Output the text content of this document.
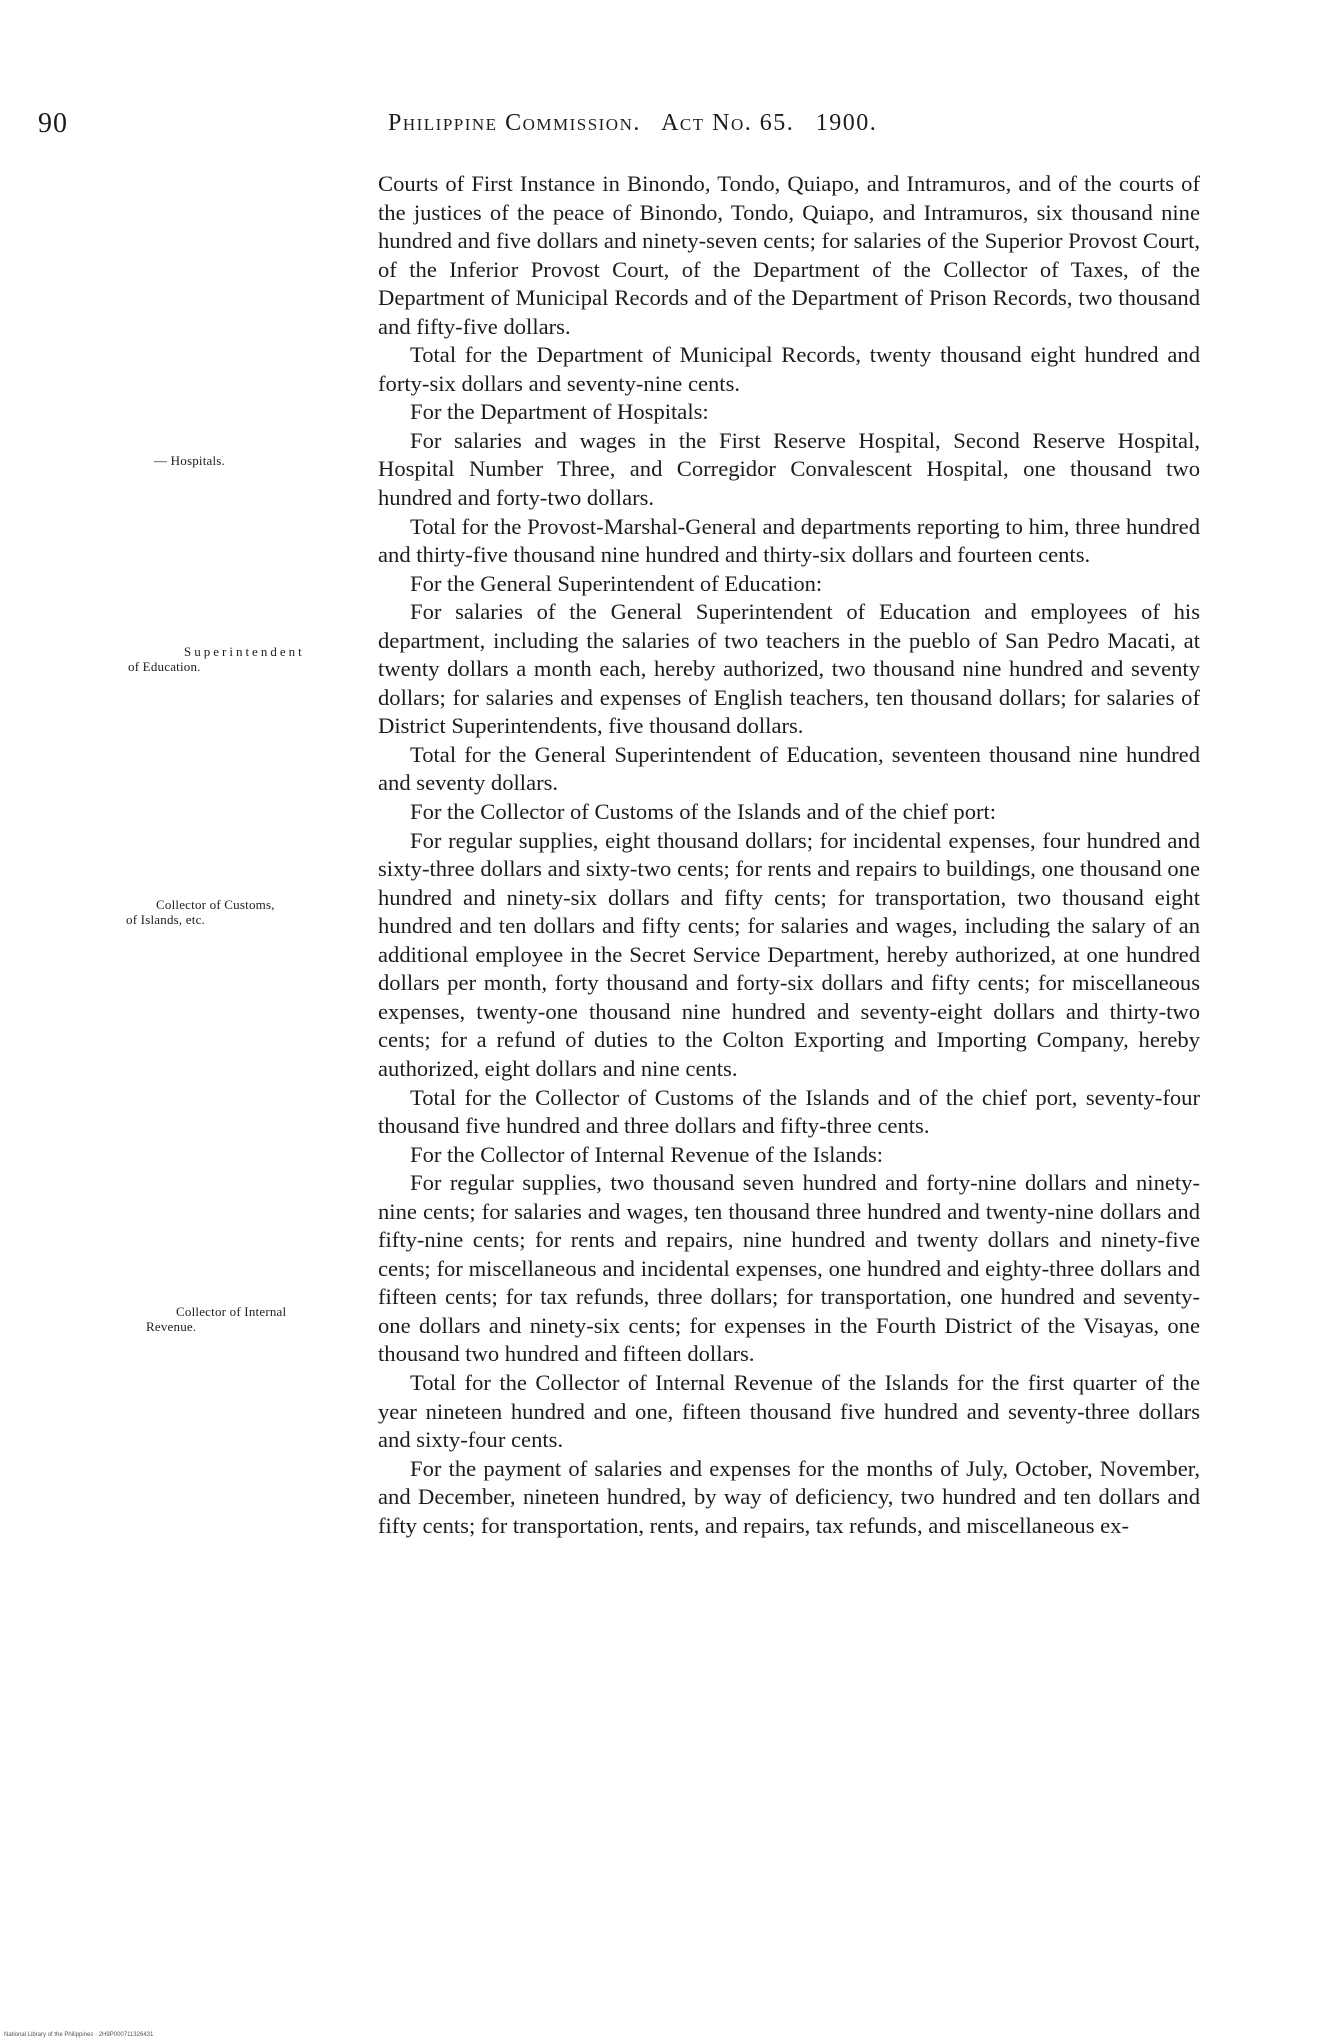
90	Philippine Commission. Act No. 65. 1900.
— Hospitals.
Superintendent
of Education.
Collector of Customs,
of Islands, etc.
Collector of Internal
Revenue.

Courts of First Instance in Binondo, Tondo, Quiapo, and Intramuros, and of the courts of the justices of the peace of Binondo, Tondo, Quiapo, and Intramuros, six thousand nine hundred and five dollars and ninety-seven cents; for salaries of the Superior Provost Court, of the Inferior Provost Court, of the Department of the Collector of Taxes, of the Department of Municipal Records and of the Department of Prison Records, two thousand and fifty-five dollars.

Total for the Department of Municipal Records, twenty thousand eight hundred and forty-six dollars and seventy-nine cents.

For the Department of Hospitals:

For salaries and wages in the First Reserve Hospital, Second Reserve Hospital, Hospital Number Three, and Corregidor Convalescent Hospital, one thousand two hundred and forty-two dollars.

Total for the Provost-Marshal-General and departments reporting to him, three hundred and thirty-five thousand nine hundred and thirty-six dollars and fourteen cents.

For the General Superintendent of Education:

For salaries of the General Superintendent of Education and employees of his department, including the salaries of two teachers in the pueblo of San Pedro Macati, at twenty dollars a month each, hereby authorized, two thousand nine hundred and seventy dollars; for salaries and expenses of English teachers, ten thousand dollars; for salaries of District Superintendents, five thousand dollars.

Total for the General Superintendent of Education, seventeen thousand nine hundred and seventy dollars.

For the Collector of Customs of the Islands and of the chief port:

For regular supplies, eight thousand dollars; for incidental expenses, four hundred and sixty-three dollars and sixty-two cents; for rents and repairs to buildings, one thousand one hundred and ninety-six dollars and fifty cents; for transportation, two thousand eight hundred and ten dollars and fifty cents; for salaries and wages, including the salary of an additional employee in the Secret Service Department, hereby authorized, at one hundred dollars per month, forty thousand and forty-six dollars and fifty cents; for miscellaneous expenses, twenty-one thousand nine hundred and seventy-eight dollars and thirty-two cents; for a refund of duties to the Colton Exporting and Importing Company, hereby authorized, eight dollars and nine cents.

Total for the Collector of Customs of the Islands and of the chief port, seventy-four thousand five hundred and three dollars and fifty-three cents.

For the Collector of Internal Revenue of the Islands:

For regular supplies, two thousand seven hundred and forty-nine dollars and ninety-nine cents; for salaries and wages, ten thousand three hundred and twenty-nine dollars and fifty-nine cents; for rents and repairs, nine hundred and twenty dollars and ninety-five cents; for miscellaneous and incidental expenses, one hundred and eighty-three dollars and fifteen cents; for tax refunds, three dollars; for transportation, one hundred and seventy-one dollars and ninety-six cents; for expenses in the Fourth District of the Visayas, one thousand two hundred and fifteen dollars.

Total for the Collector of Internal Revenue of the Islands for the first quarter of the year nineteen hundred and one, fifteen thousand five hundred and seventy-three dollars and sixty-four cents.

For the payment of salaries and expenses for the months of July, October, November, and December, nineteen hundred, by way of deficiency, two hundred and ten dollars and fifty cents; for transportation, rents, and repairs, tax refunds, and miscellaneous ex-

National Library of the Philippines · 2H9P000711326431
